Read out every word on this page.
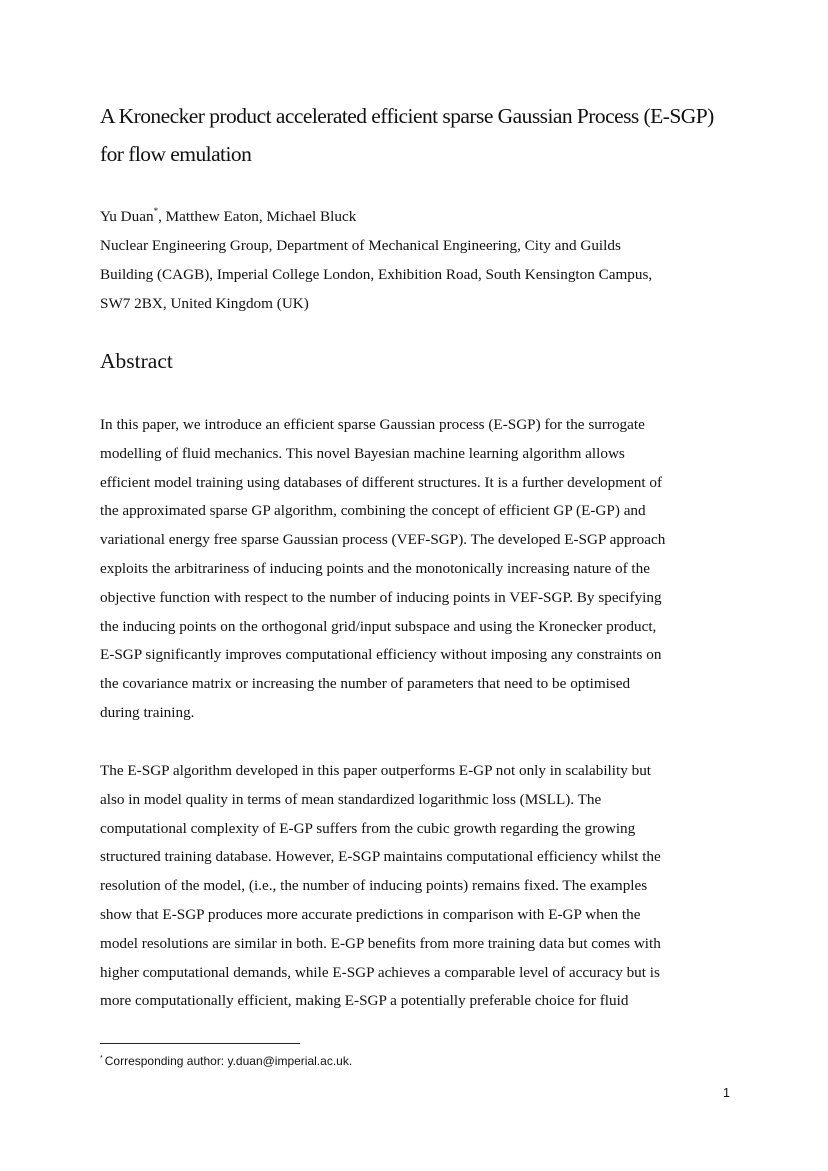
A Kronecker product accelerated efficient sparse Gaussian Process (E-SGP)
for flow emulation

Yu Duan*, Matthew Eaton, Michael Bluck

Nuclear Engineering Group, Department of Mechanical Engineering, City and Guilds
Building (CAGB), Imperial College London, Exhibition Road, South Kensington Campus,
SW7 2BX, United Kingdom (UK)

Abstract

In this paper, we introduce an efficient sparse Gaussian process (E-SGP) for the surrogate
modelling of fluid mechanics. This novel Bayesian machine learning algorithm allows
efficient model training using databases of different structures. It is a further development of
the approximated sparse GP algorithm, combining the concept of efficient GP (E-GP) and
variational energy free sparse Gaussian process (VEF-SGP). The developed E-SGP approach
exploits the arbitrariness of inducing points and the monotonically increasing nature of the
objective function with respect to the number of inducing points in VEF-SGP. By specifying
the inducing points on the orthogonal grid/input subspace and using the Kronecker product,
E-SGP significantly improves computational efficiency without imposing any constraints on
the covariance matrix or increasing the number of parameters that need to be optimised
during training.

The E-SGP algorithm developed in this paper outperforms E-GP not only in scalability but
also in model quality in terms of mean standardized logarithmic loss (MSLL). The
computational complexity of E-GP suffers from the cubic growth regarding the growing
structured training database. However, E-SGP maintains computational efficiency whilst the
resolution of the model, (i.e., the number of inducing points) remains fixed. The examples
show that E-SGP produces more accurate predictions in comparison with E-GP when the
model resolutions are similar in both. E-GP benefits from more training data but comes with
higher computational demands, while E-SGP achieves a comparable level of accuracy but is
more computationally efficient, making E-SGP a potentially preferable choice for fluid

* Corresponding author: y.duan@imperial.ac.uk.

1
